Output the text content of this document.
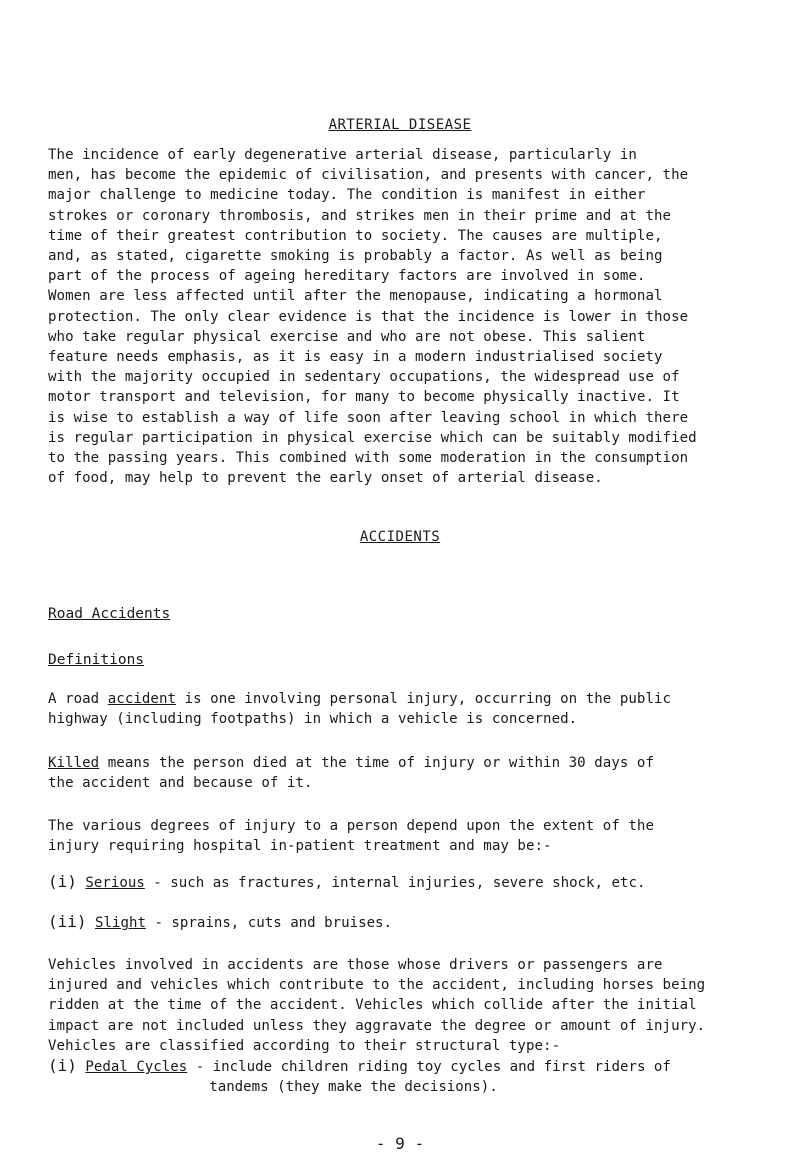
ARTERIAL DISEASE
The incidence of early degenerative arterial disease, particularly in
men, has become the epidemic of civilisation, and presents with cancer, the
major challenge to medicine today. The condition is manifest in either
strokes or coronary thrombosis, and strikes men in their prime and at the
time of their greatest contribution to society. The causes are multiple,
and, as stated, cigarette smoking is probably a factor. As well as being
part of the process of ageing hereditary factors are involved in some.
Women are less affected until after the menopause, indicating a hormonal
protection. The only clear evidence is that the incidence is lower in those
who take regular physical exercise and who are not obese. This salient
feature needs emphasis, as it is easy in a modern industrialised society
with the majority occupied in sedentary occupations, the widespread use of
motor transport and television, for many to become physically inactive. It
is wise to establish a way of life soon after leaving school in which there
is regular participation in physical exercise which can be suitably modified
to the passing years. This combined with some moderation in the consumption
of food, may help to prevent the early onset of arterial disease.
ACCIDENTS
Road Accidents
Definitions
A road accident is one involving personal injury, occurring on the public
highway (including footpaths) in which a vehicle is concerned.
Killed means the person died at the time of injury or within 30 days of
the accident and because of it.
The various degrees of injury to a person depend upon the extent of the
injury requiring hospital in-patient treatment and may be:-
(i) Serious - such as fractures, internal injuries, severe shock, etc.
(ii) Slight - sprains, cuts and bruises.
Vehicles involved in accidents are those whose drivers or passengers are
injured and vehicles which contribute to the accident, including horses being
ridden at the time of the accident. Vehicles which collide after the initial
impact are not included unless they aggravate the degree or amount of injury.
Vehicles are classified according to their structural type:-
(i) Pedal Cycles - include children riding toy cycles and first riders of
tandems (they make the decisions).
- 9 -
